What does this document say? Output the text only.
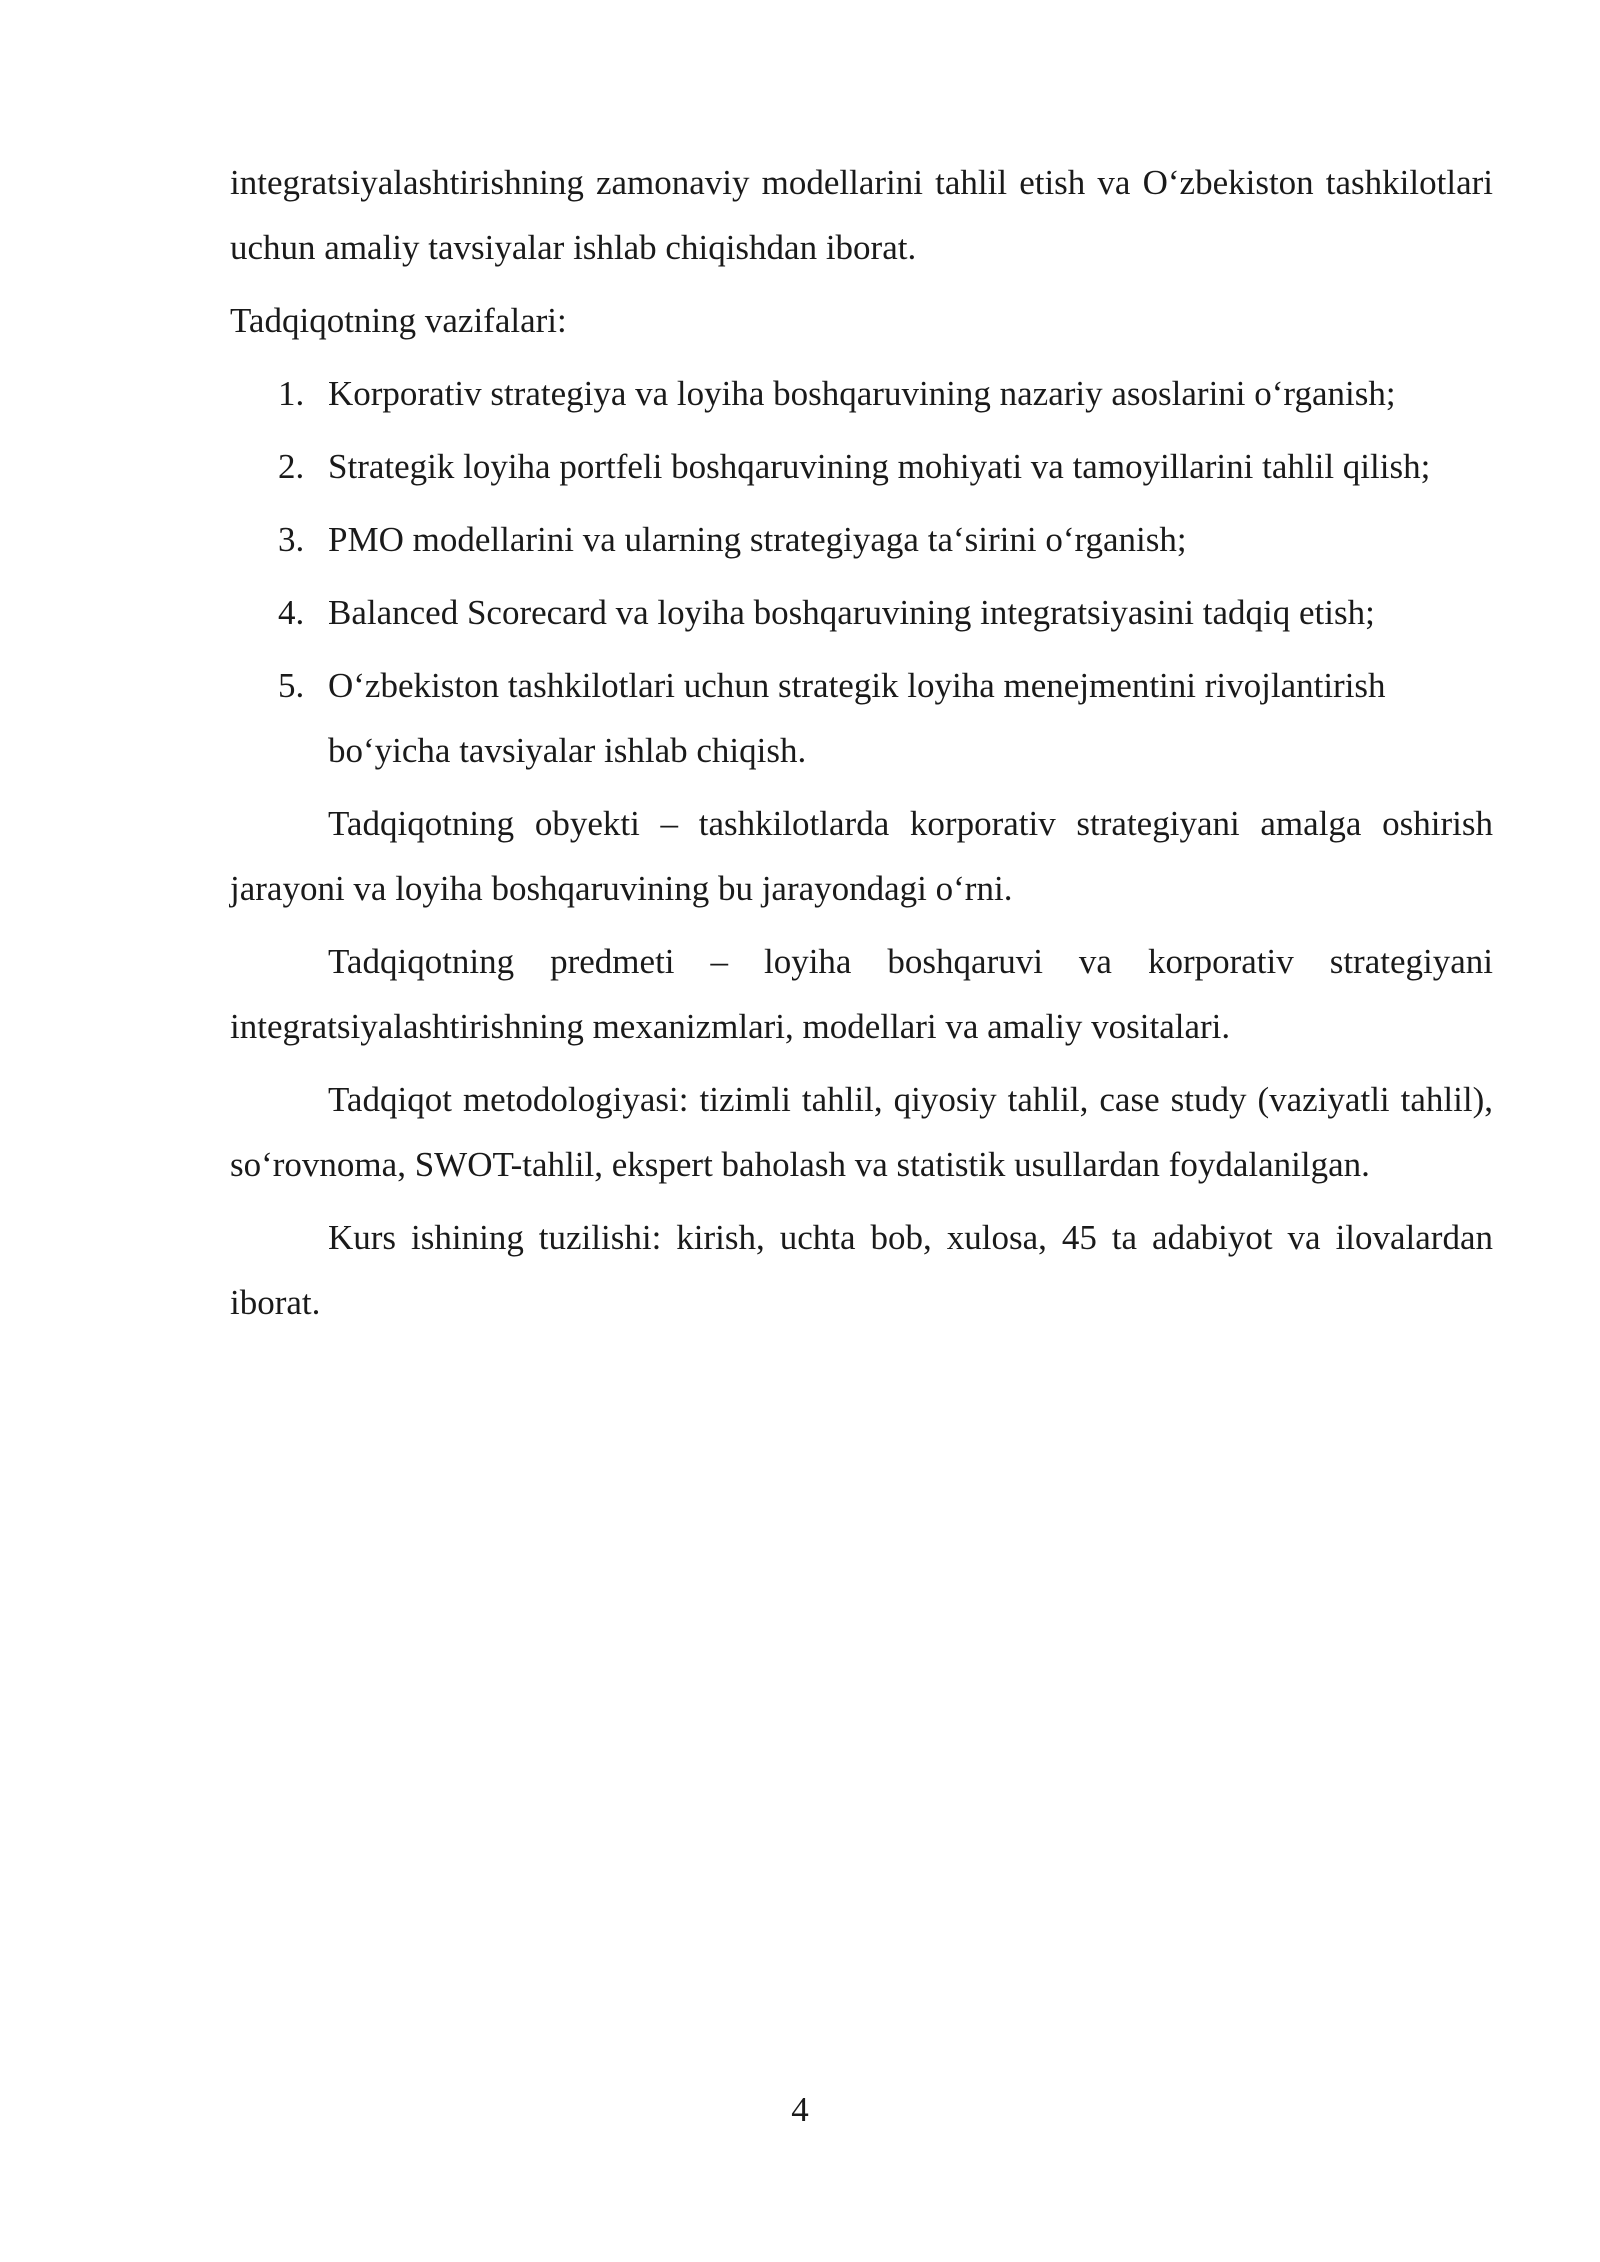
integratsiyalashtirishning zamonaviy modellarini tahlil etish va Oʻzbekiston tashkilotlari uchun amaliy tavsiyalar ishlab chiqishdan iborat.

Tadqiqotning vazifalari:

1. Korporativ strategiya va loyiha boshqaruvining nazariy asoslarini oʻrganish;
2. Strategik loyiha portfeli boshqaruvining mohiyati va tamoyillarini tahlil qilish;
3. PMO modellarini va ularning strategiyaga taʻsirini oʻrganish;
4. Balanced Scorecard va loyiha boshqaruvining integratsiyasini tadqiq etish;
5. Oʻzbekiston tashkilotlari uchun strategik loyiha menejmentini rivojlantirish boʻyicha tavsiyalar ishlab chiqish.

Tadqiqotning obyekti – tashkilotlarda korporativ strategiyani amalga oshirish jarayoni va loyiha boshqaruvining bu jarayondagi oʻrni.

Tadqiqotning predmeti – loyiha boshqaruvi va korporativ strategiyani integratsiyalashtirishning mexanizmlari, modellari va amaliy vositalari.

Tadqiqot metodologiyasi: tizimli tahlil, qiyosiy tahlil, case study (vaziyatli tahlil), soʻrovnoma, SWOT-tahlil, ekspert baholash va statistik usullardan foydalanilgan.

Kurs ishining tuzilishi: kirish, uchta bob, xulosa, 45 ta adabiyot va ilovalardan iborat.

4
